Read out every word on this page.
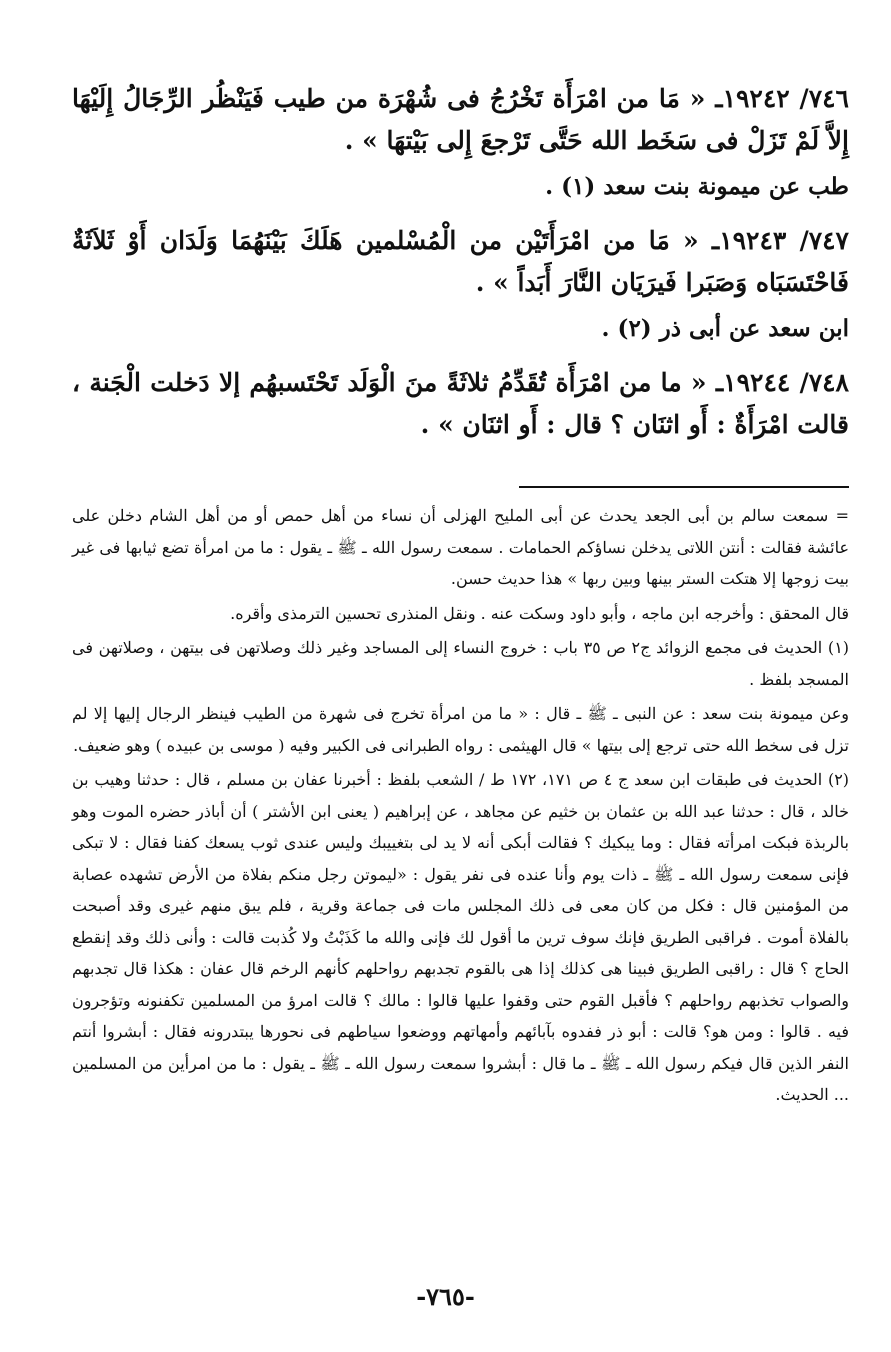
٧٤٦/ ١٩٢٤٢ـ « مَا من امْرَأَة تَخْرُجُ فى شُهْرَة من طيب فَيَنْظُر الرِّجَالُ إِلَيْهَا إِلاَّ لَمْ تَزَلْ فى سَخَط الله حَتَّى تَرْجعَ إِلى بَيْتهَا » .

طب عن ميمونة بنت سعد (١) .

٧٤٧/ ١٩٢٤٣ـ « مَا من امْرَأَتَيْن من الْمُسْلمين هَلَكَ بَيْنَهُمَا وَلَدَان أَوْ ثَلاَثَةٌ فَاحْتَسَبَاه وَصَبَرا فَيرَيَان النَّارَ أَبَداً » .

ابن سعد عن أبى ذر (٢) .

٧٤٨/ ١٩٢٤٤ـ « ما من امْرَأَة تُقَدِّمُ ثلاثَةً منَ الْوَلَد تَحْتَسبهُم إلا دَخلت الْجَنة ، قالت امْرَأَةٌ : أَو اثنَان ؟ قال : أَو اثنَان » .

= سمعت سالم بن أبى الجعد يحدث عن أبى المليح الهزلى أن نساء من أهل حمص أو من أهل الشام دخلن على عائشة فقالت : أنتن اللاتى يدخلن نساؤكم الحمامات . سمعت رسول الله ـ ﷺ ـ يقول : ما من امرأة تضع ثيابها فى غير بيت زوجها إلا هتكت الستر بينها وبين ربها » هذا حديث حسن.

قال المحقق : وأخرجه ابن ماجه ، وأبو داود وسكت عنه . ونقل المنذرى تحسين الترمذى وأقره.

(١) الحديث فى مجمع الزوائد ج٢ ص ٣٥ باب : خروج النساء إلى المساجد وغير ذلك وصلاتهن فى بيتهن ، وصلاتهن فى المسجد بلفظ .

وعن ميمونة بنت سعد : عن النبى ـ ﷺ ـ قال : « ما من امرأة تخرج فى شهرة من الطيب فينظر الرجال إليها إلا لم تزل فى سخط الله حتى ترجع إلى بيتها » قال الهيثمى : رواه الطبرانى فى الكبير وفيه ( موسى بن عبيده ) وهو ضعيف.

(٢) الحديث فى طبقات ابن سعد ج ٤ ص ١٧١، ١٧٢ ط / الشعب بلفظ : أخبرنا عفان بن مسلم ، قال : حدثنا وهيب بن خالد ، قال : حدثنا عبد الله بن عثمان بن خثيم عن مجاهد ، عن إبراهيم ( يعنى ابن الأشتر ) أن أباذر حضره الموت وهو بالربذة فبكت امرأته فقال : وما يبكيك ؟ فقالت أبكى أنه لا يد لى بتغييبك وليس عندى ثوب يسعك كفنا فقال : لا تبكى فإنى سمعت رسول الله ـ ﷺ ـ ذات يوم وأنا عنده فى نفر يقول : «ليموتن رجل منكم بفلاة من الأرض تشهده عصابة من المؤمنين قال : فكل من كان معى فى ذلك المجلس مات فى جماعة وقرية ، فلم يبق منهم غيرى وقد أصبحت بالفلاة أموت . فراقبى الطريق فإنك سوف ترين ما أقول لك فإنى والله ما كَذَبْتُ ولا كُذبت قالت : وأنى ذلك وقد إنقطع الحاج ؟ قال : راقبى الطريق فبينا هى كذلك إذا هى بالقوم تجدبهم رواحلهم كأنهم الرخم قال عفان : هكذا قال تجدبهم والصواب تخذبهم رواحلهم ؟ فأقبل القوم حتى وقفوا عليها قالوا : مالك ؟ قالت امرؤ من المسلمين تكفنونه وتؤجرون فيه . قالوا : ومن هو؟ قالت : أبو ذر ففدوه بآبائهم وأمهاتهم ووضعوا سياطهم فى نحورها يبتدرونه فقال : أبشروا أنتم النفر الذين قال فيكم رسول الله ـ ﷺ ـ ما قال : أبشروا سمعت رسول الله ـ ﷺ ـ يقول : ما من امرأين من المسلمين ... الحديث.

-٧٦٥-
